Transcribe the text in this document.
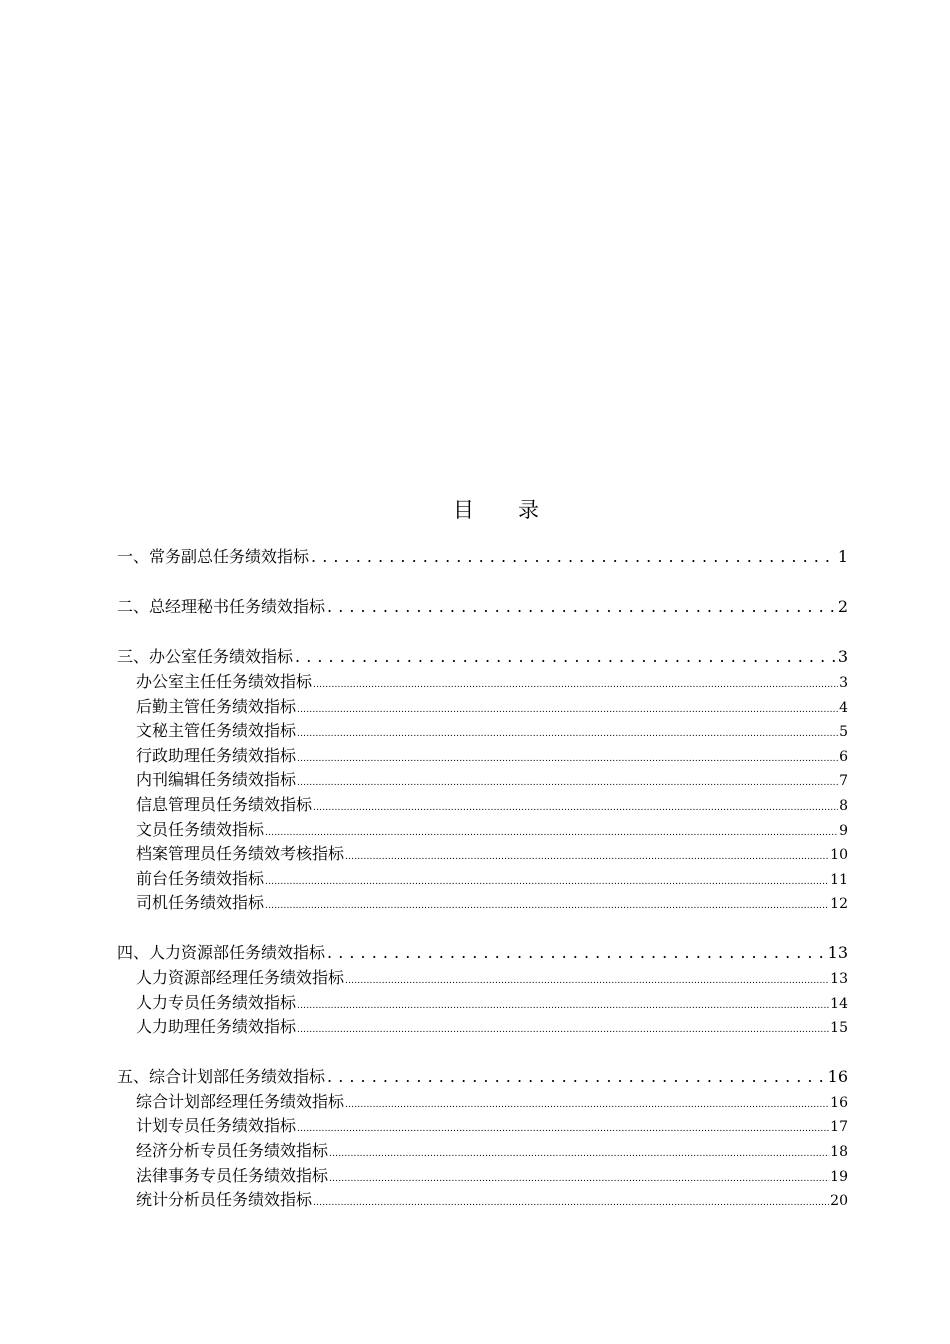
目 录
一、常务副总任务绩效指标 . . .	1
二、总经理秘书任务绩效指标 . . .	2
三、办公室任务绩效指标 . . .	3
办公室主任任务绩效指标 .....	3
后勤主管任务绩效指标 .....	4
文秘主管任务绩效指标 .....	5
行政助理任务绩效指标 .....	6
内刊编辑任务绩效指标 .....	7
信息管理员任务绩效指标 .....	8
文员任务绩效指标 .....	9
档案管理员任务绩效考核指标 .....	10
前台任务绩效指标 .....	11
司机任务绩效指标 .....	12
四、人力资源部任务绩效指标 . . .	13
人力资源部经理任务绩效指标 .....	13
人力专员任务绩效指标 .....	14
人力助理任务绩效指标 .....	15
五、综合计划部任务绩效指标 . . .	16
综合计划部经理任务绩效指标 .....	16
计划专员任务绩效指标 .....	17
经济分析专员任务绩效指标 .....	18
法律事务专员任务绩效指标 .....	19
统计分析员任务绩效指标 .....	20
